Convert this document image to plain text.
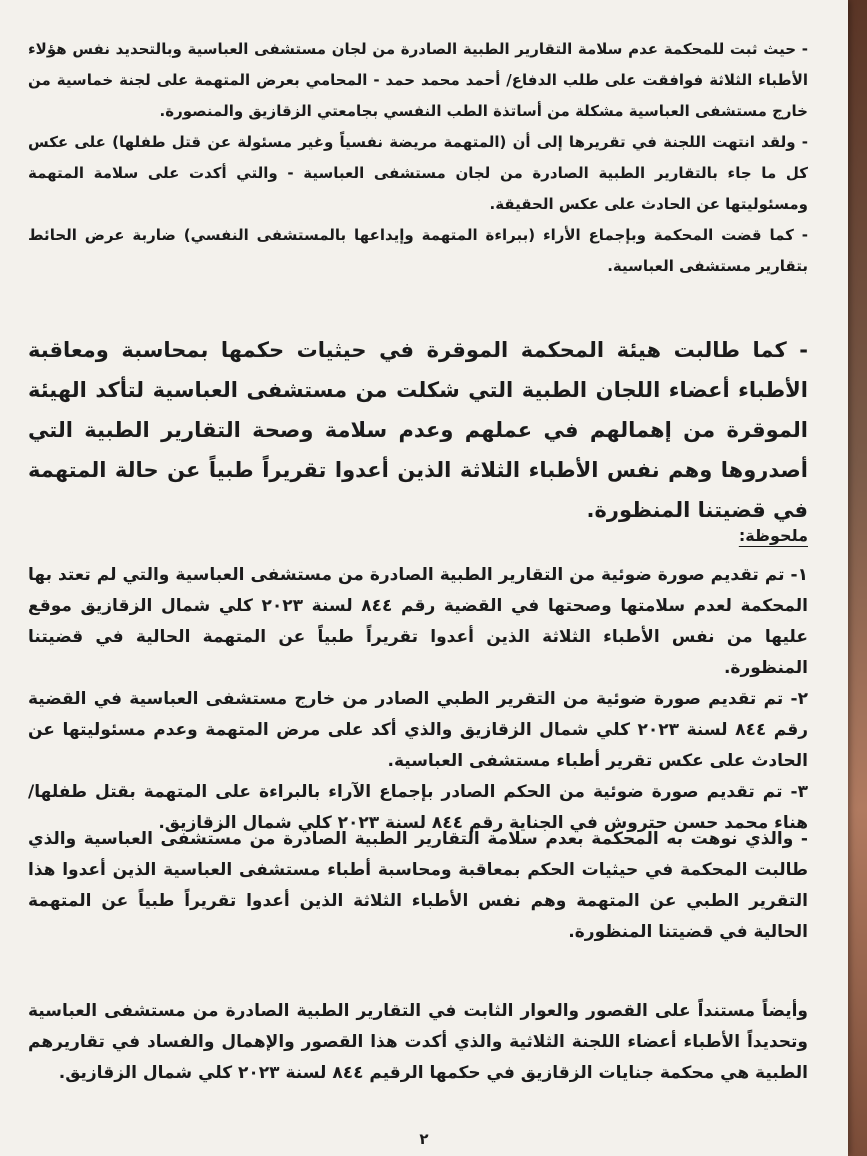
- حيث ثبت للمحكمة عدم سلامة التقارير الطبية الصادرة من لجان مستشفى العباسية وبالتحديد نفس هؤلاء الأطباء الثلاثة فوافقت على طلب الدفاع/ أحمد محمد حمد - المحامي بعرض المتهمة على لجنة خماسية من خارج مستشفى العباسية مشكلة من أساتذة الطب النفسي بجامعتي الزقازيق والمنصورة.

- ولقد انتهت اللجنة في تقريرها إلى أن (المتهمة مريضة نفسياً وغير مسئولة عن قتل طفلها) على عكس كل ما جاء بالتقارير الطبية الصادرة من لجان مستشفى العباسية - والتي أكدت على سلامة المتهمة ومسئوليتها عن الحادث على عكس الحقيقة.

- كما قضت المحكمة وبإجماع الأراء (ببراءة المتهمة وإيداعها بالمستشفى النفسي) ضاربة عرض الحائط بتقارير مستشفى العباسية.

- كما طالبت هيئة المحكمة الموقرة في حيثيات حكمها بمحاسبة ومعاقبة الأطباء أعضاء اللجان الطبية التي شكلت من مستشفى العباسية لتأكد الهيئة الموقرة من إهمالهم في عملهم وعدم سلامة وصحة التقارير الطبية التي أصدروها وهم نفس الأطباء الثلاثة الذين أعدوا تقريراً طبياً عن حالة المتهمة في قضيتنا المنظورة.

ملحوظة:

١- تم تقديم صورة ضوئية من التقارير الطبية الصادرة من مستشفى العباسية والتي لم تعتد بها المحكمة لعدم سلامتها وصحتها في القضية رقم ٨٤٤ لسنة ٢٠٢٣ كلي شمال الزقازيق موقع عليها من نفس الأطباء الثلاثة الذين أعدوا تقريراً طبياً عن المتهمة الحالية في قضيتنا المنظورة.

٢- تم تقديم صورة ضوئية من التقرير الطبي الصادر من خارج مستشفى العباسية في القضية رقم ٨٤٤ لسنة ٢٠٢٣ كلي شمال الزقازيق والذي أكد على مرض المتهمة وعدم مسئوليتها عن الحادث على عكس تقرير أطباء مستشفى العباسية.

٣- تم تقديم صورة ضوئية من الحكم الصادر بإجماع الآراء بالبراءة على المتهمة بقتل طفلها/ هناء محمد حسن حتروش في الجناية رقم ٨٤٤ لسنة ٢٠٢٣ كلي شمال الزقازيق.

- والذي نوهت به المحكمة بعدم سلامة التقارير الطبية الصادرة من مستشفى العباسية والذي طالبت المحكمة في حيثيات الحكم بمعاقبة ومحاسبة أطباء مستشفى العباسية الذين أعدوا هذا التقرير الطبي عن المتهمة وهم نفس الأطباء الثلاثة الذين أعدوا تقريراً طبياً عن المتهمة الحالية في قضيتنا المنظورة.

وأيضاً مستنداً على القصور والعوار الثابت في التقارير الطبية الصادرة من مستشفى العباسية وتحديداً الأطباء أعضاء اللجنة الثلاثية والذي أكدت هذا القصور والإهمال والفساد في تقاريرهم الطبية هي محكمة جنايات الزقازيق في حكمها الرقيم ٨٤٤ لسنة ٢٠٢٣ كلي شمال الزقازيق.

٢
